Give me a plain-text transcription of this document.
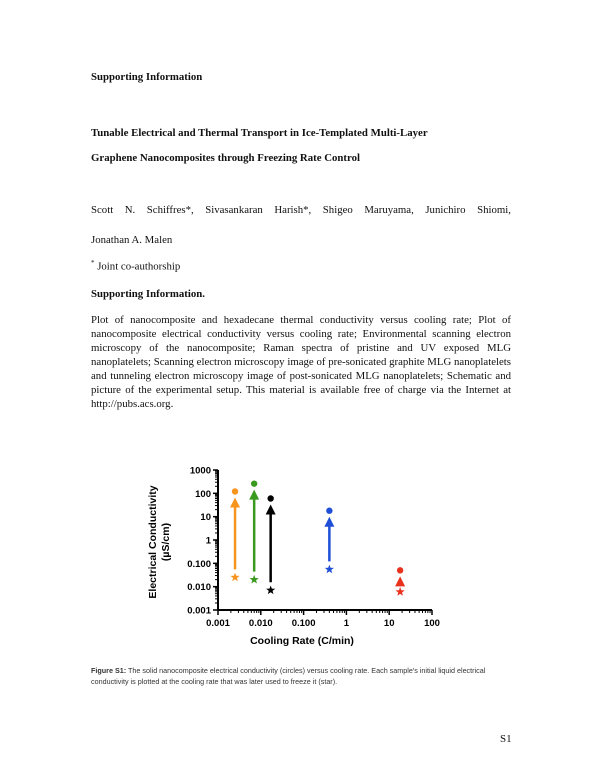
Supporting Information
Tunable Electrical and Thermal Transport in Ice-Templated Multi-Layer
Graphene Nanocomposites through Freezing Rate Control
Scott N. Schiffres*, Sivasankaran Harish*, Shigeo Maruyama, Junichiro Shiomi,
Jonathan A. Malen
* Joint co-authorship
Supporting Information.
Plot of nanocomposite and hexadecane thermal conductivity versus cooling rate; Plot of nanocomposite electrical conductivity versus cooling rate; Environmental scanning electron microscopy of the nanocomposite; Raman spectra of pristine and UV exposed MLG nanoplatelets; Scanning electron microscopy image of pre-sonicated graphite MLG nanoplatelets and tunneling electron microscopy image of post-sonicated MLG nanoplatelets; Schematic and picture of the experimental setup. This material is available free of charge via the Internet at http://pubs.acs.org.
0.001 0.010 0.100	1	10	100
0.001
0.010
0.100
1
10
100
1000
Cooling Rate (C/min)
Electrical Conductivity (µS/cm)
Figure S1: The solid nanocomposite electrical conductivity (circles) versus cooling rate. Each sample's initial liquid electrical conductivity is plotted at the cooling rate that was later used to freeze it (star).
S1
